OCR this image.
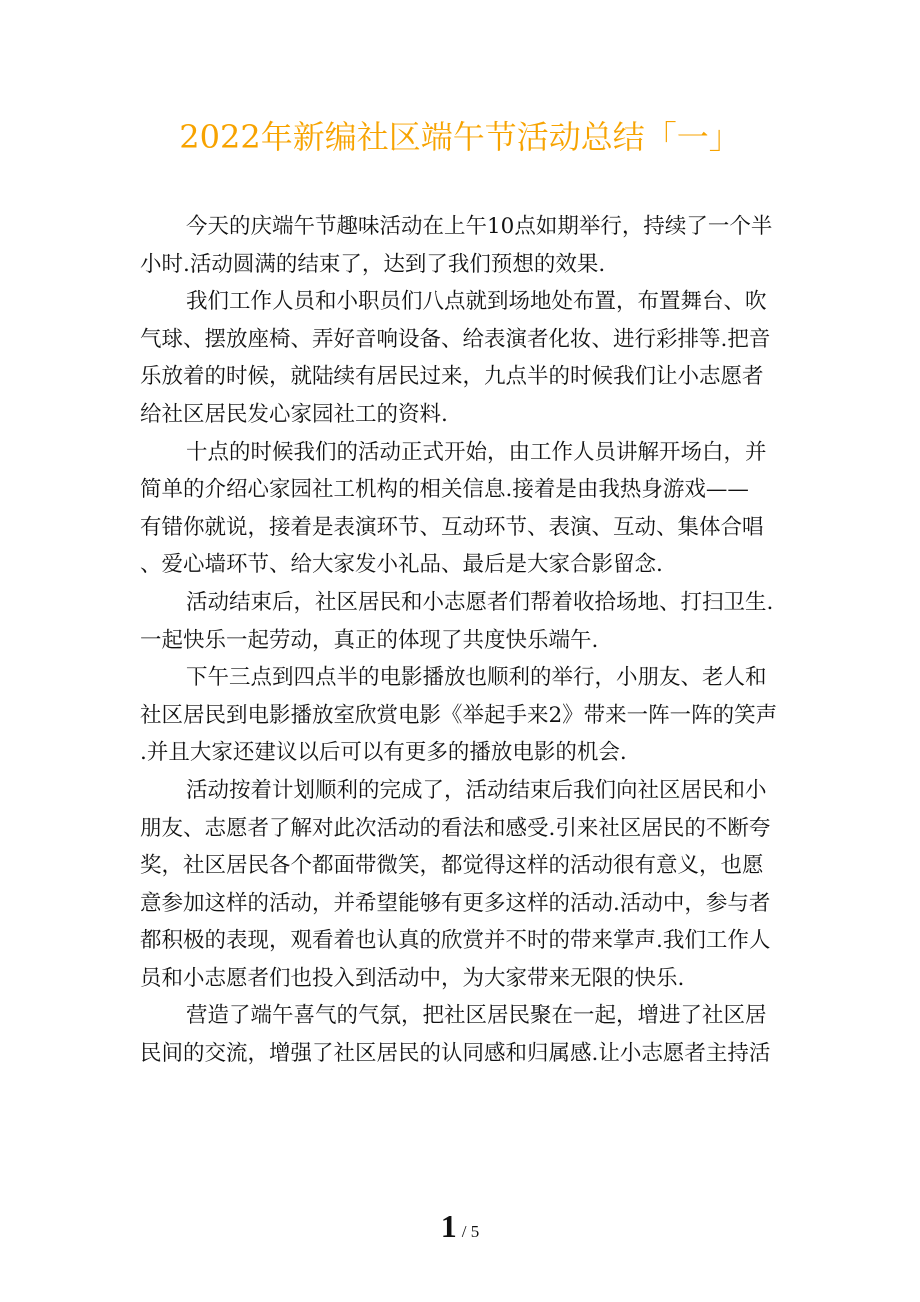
2022年新编社区端午节活动总结「一」
今天的庆端午节趣味活动在上午10点如期举行，持续了一个半
小时.活动圆满的结束了，达到了我们预想的效果.
我们工作人员和小职员们八点就到场地处布置，布置舞台、吹
气球、摆放座椅、弄好音响设备、给表演者化妆、进行彩排等.把音
乐放着的时候，就陆续有居民过来，九点半的时候我们让小志愿者
给社区居民发心家园社工的资料.
十点的时候我们的活动正式开始，由工作人员讲解开场白，并
简单的介绍心家园社工机构的相关信息.接着是由我热身游戏——
有错你就说，接着是表演环节、互动环节、表演、互动、集体合唱
、爱心墙环节、给大家发小礼品、最后是大家合影留念.
活动结束后，社区居民和小志愿者们帮着收拾场地、打扫卫生.
一起快乐一起劳动，真正的体现了共度快乐端午.
下午三点到四点半的电影播放也顺利的举行，小朋友、老人和
社区居民到电影播放室欣赏电影《举起手来2》带来一阵一阵的笑声
.并且大家还建议以后可以有更多的播放电影的机会.
活动按着计划顺利的完成了，活动结束后我们向社区居民和小
朋友、志愿者了解对此次活动的看法和感受.引来社区居民的不断夸
奖，社区居民各个都面带微笑，都觉得这样的活动很有意义，也愿
意参加这样的活动，并希望能够有更多这样的活动.活动中，参与者
都积极的表现，观看着也认真的欣赏并不时的带来掌声.我们工作人
员和小志愿者们也投入到活动中，为大家带来无限的快乐.
营造了端午喜气的气氛，把社区居民聚在一起，增进了社区居
民间的交流，增强了社区居民的认同感和归属感.让小志愿者主持活
1 / 5
